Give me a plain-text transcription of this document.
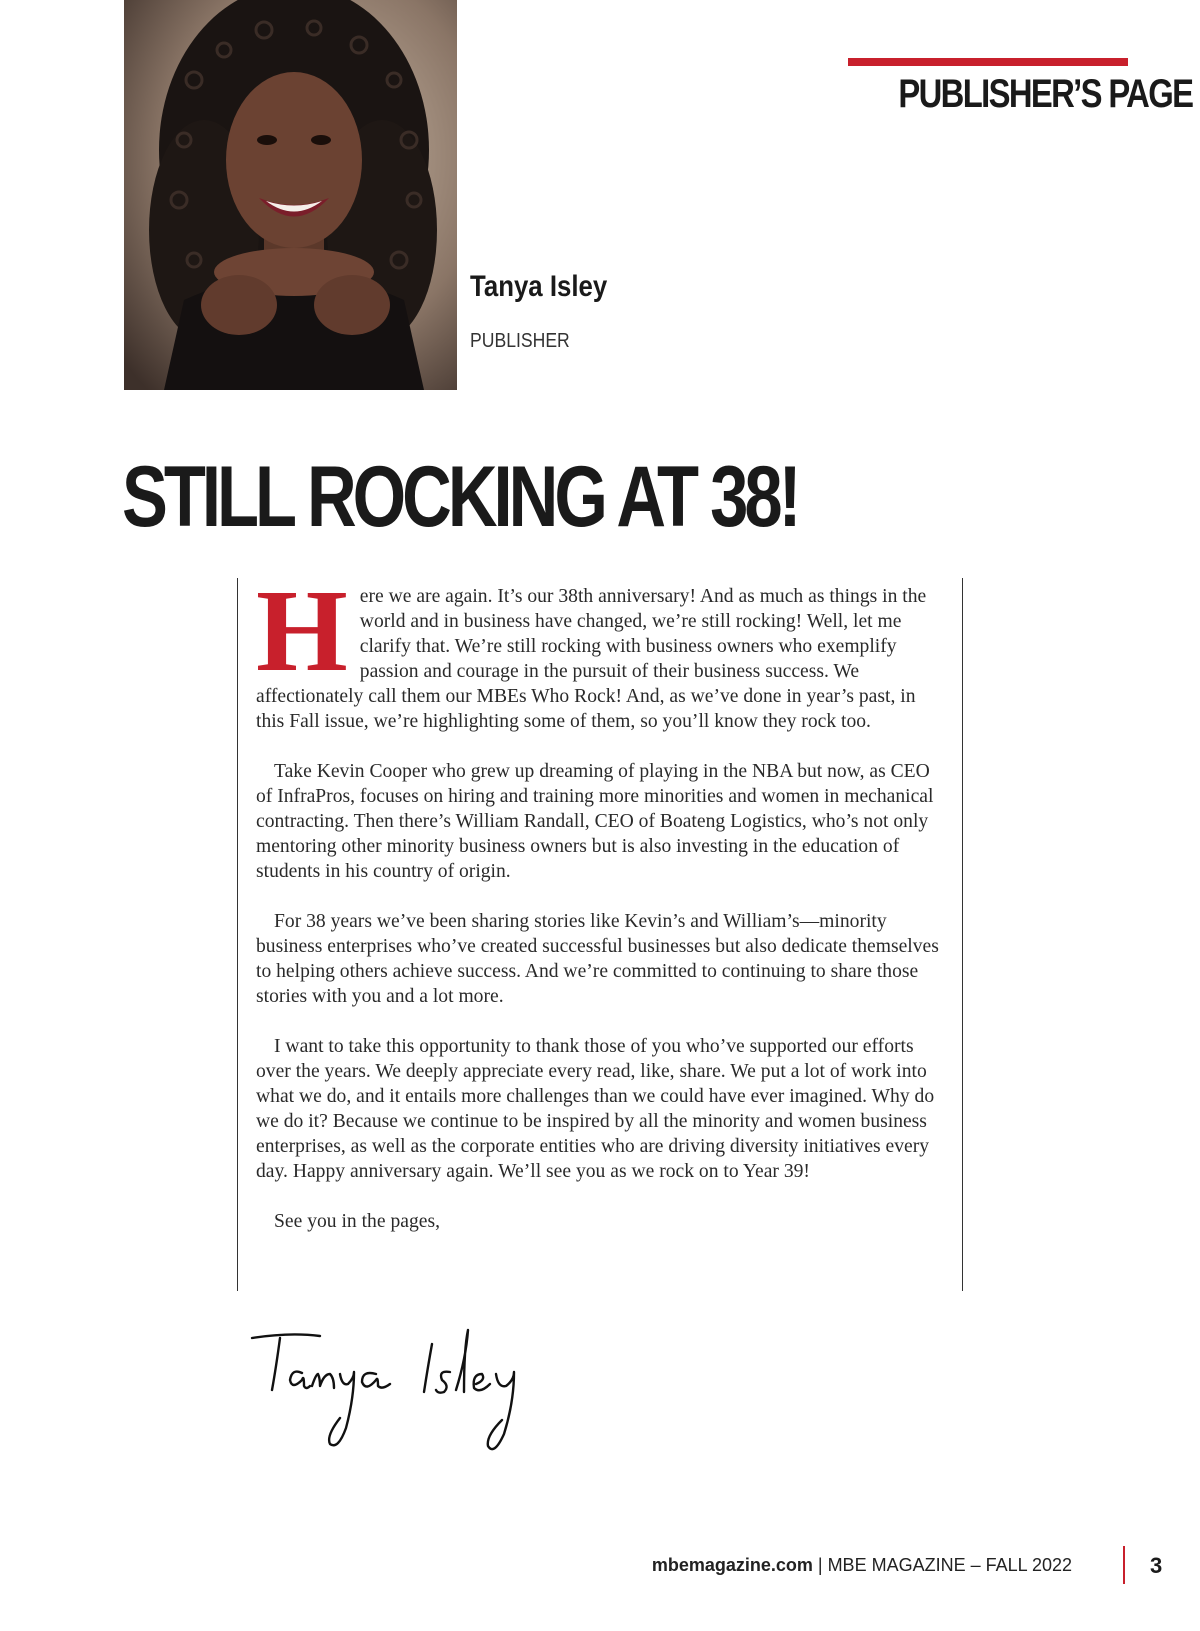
PUBLISHER’S PAGE
Tanya Isley
PUBLISHER
STILL ROCKING AT 38!

Here we are again. It’s our 38th anniversary! And as much as things in the world and in business have changed, we’re still rocking! Well, let me clarify that. We’re still rocking with business owners who exemplify passion and courage in the pursuit of their business success. We affectionately call them our MBEs Who Rock! And, as we’ve done in year’s past, in this Fall issue, we’re highlighting some of them, so you’ll know they rock too.

Take Kevin Cooper who grew up dreaming of playing in the NBA but now, as CEO of InfraPros, focuses on hiring and training more minorities and women in mechanical contracting. Then there’s William Randall, CEO of Boateng Logistics, who’s not only mentoring other minority business owners but is also investing in the education of students in his country of origin.

For 38 years we’ve been sharing stories like Kevin’s and William’s—minority business enterprises who’ve created successful businesses but also dedicate themselves to helping others achieve success. And we’re committed to continuing to share those stories with you and a lot more.

I want to take this opportunity to thank those of you who’ve supported our efforts over the years. We deeply appreciate every read, like, share. We put a lot of work into what we do, and it entails more challenges than we could have ever imagined. Why do we do it? Because we continue to be inspired by all the minority and women business enterprises, as well as the corporate entities who are driving diversity initiatives every day. Happy anniversary again. We’ll see you as we rock on to Year 39!

See you in the pages,

mbemagazine.com | MBE MAGAZINE – FALL 2022	3
